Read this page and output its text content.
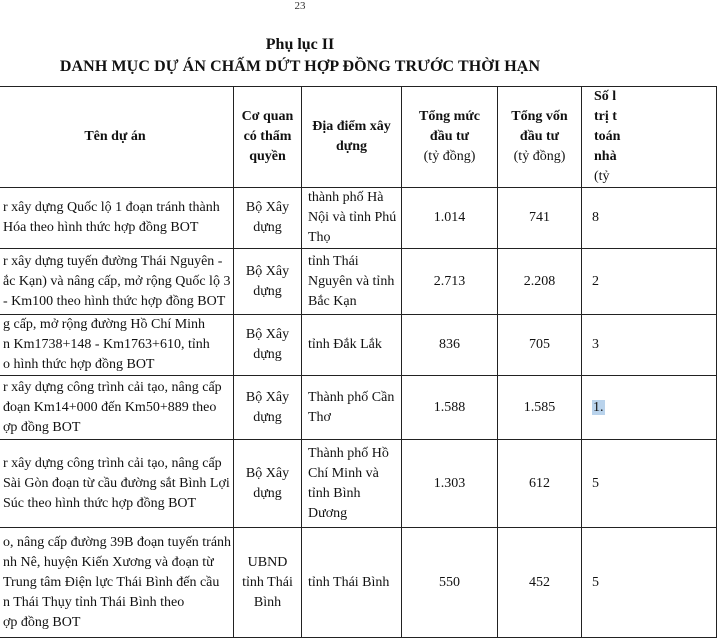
23
Phụ lục II
DANH MỤC DỰ ÁN CHẤM DỨT HỢP ĐỒNG TRƯỚC THỜI HẠN
Tên dự án	Cơ quan
có thẩm
quyền	Địa điểm xây
dựng	Tổng mức
đầu tư
(tỷ đồng)	Tổng vốn
đầu tư
(tỷ đồng)	Số l
trị t
toán
nhà
(tỷ

r xây dựng Quốc lộ 1 đoạn tránh thành
Hóa theo hình thức hợp đồng BOT	Bộ Xây
dựng	thành phố Hà
Nội và tỉnh Phú
Thọ	1.014	741	8

r xây dựng tuyến đường Thái Nguyên -
ắc Kạn) và nâng cấp, mở rộng Quốc lộ 3
- Km100 theo hình thức hợp đồng BOT	Bộ Xây
dựng	tỉnh Thái
Nguyên và tỉnh
Bắc Kạn	2.713	2.208	2

g cấp, mở rộng đường Hồ Chí Minh
n Km1738+148 - Km1763+610, tỉnh
o hình thức hợp đồng BOT	Bộ Xây
dựng	tỉnh Đắk Lắk	836	705	3

r xây dựng công trình cải tạo, nâng cấp
đoạn Km14+000 đến Km50+889 theo
ợp đồng BOT	Bộ Xây
dựng	Thành phố Cần
Thơ	1.588	1.585	1.

r xây dựng công trình cải tạo, nâng cấp
Sài Gòn đoạn từ cầu đường sắt Bình Lợi
Súc theo hình thức hợp đồng BOT	Bộ Xây
dựng	Thành phố Hồ
Chí Minh và
tỉnh Bình
Dương	1.303	612	5

o, nâng cấp đường 39B đoạn tuyến tránh
nh Nê, huyện Kiến Xương và đoạn từ
Trung tâm Điện lực Thái Bình đến cầu
n Thái Thụy tỉnh Thái Bình theo
ợp đồng BOT	UBND
tỉnh Thái
Bình	tỉnh Thái Bình	550	452	5
